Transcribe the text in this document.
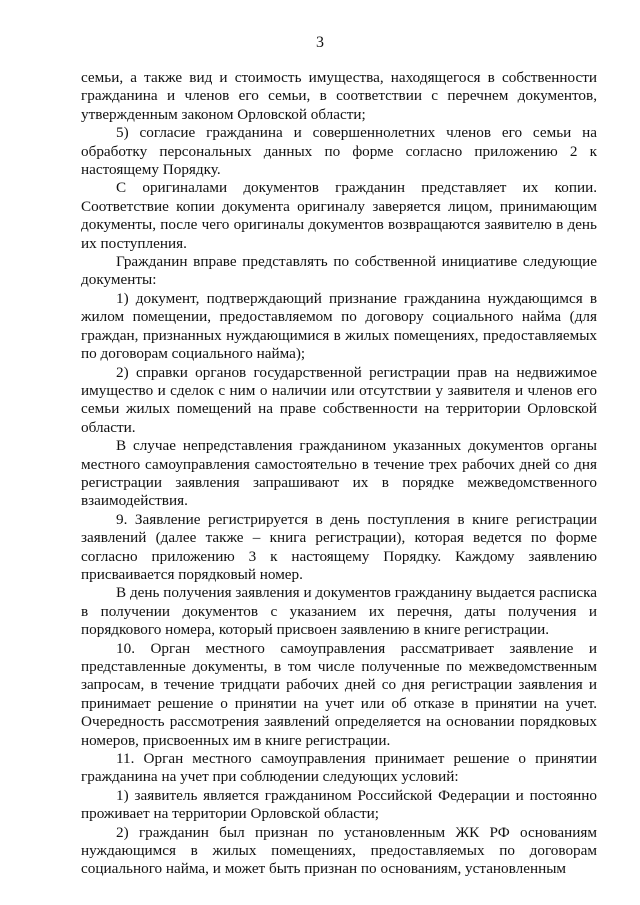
3

семьи, а также вид и стоимость имущества, находящегося в собственности гражданина и членов его семьи, в соответствии с перечнем документов, утвержденным законом Орловской области;

5) согласие гражданина и совершеннолетних членов его семьи на обработку персональных данных по форме согласно приложению 2 к настоящему Порядку.

С оригиналами документов гражданин представляет их копии. Соответствие копии документа оригиналу заверяется лицом, принимающим документы, после чего оригиналы документов возвращаются заявителю в день их поступления.

Гражданин вправе представлять по собственной инициативе следующие документы:

1) документ, подтверждающий признание гражданина нуждающимся в жилом помещении, предоставляемом по договору социального найма (для граждан, признанных нуждающимися в жилых помещениях, предоставляемых по договорам социального найма);

2) справки органов государственной регистрации прав на недвижимое имущество и сделок с ним о наличии или отсутствии у заявителя и членов его семьи жилых помещений на праве собственности на территории Орловской области.

В случае непредставления гражданином указанных документов органы местного самоуправления самостоятельно в течение трех рабочих дней со дня регистрации заявления запрашивают их в порядке межведомственного взаимодействия.

9. Заявление регистрируется в день поступления в книге регистрации заявлений (далее также – книга регистрации), которая ведется по форме согласно приложению 3 к настоящему Порядку. Каждому заявлению присваивается порядковый номер.

В день получения заявления и документов гражданину выдается расписка в получении документов с указанием их перечня, даты получения и порядкового номера, который присвоен заявлению в книге регистрации.

10. Орган местного самоуправления рассматривает заявление и представленные документы, в том числе полученные по межведомственным запросам, в течение тридцати рабочих дней со дня регистрации заявления и принимает решение о принятии на учет или об отказе в принятии на учет. Очередность рассмотрения заявлений определяется на основании порядковых номеров, присвоенных им в книге регистрации.

11. Орган местного самоуправления принимает решение о принятии гражданина на учет при соблюдении следующих условий:

1) заявитель является гражданином Российской Федерации и постоянно проживает на территории Орловской области;

2) гражданин был признан по установленным ЖК РФ основаниям нуждающимся в жилых помещениях, предоставляемых по договорам социального найма, и может быть признан по основаниям, установленным
